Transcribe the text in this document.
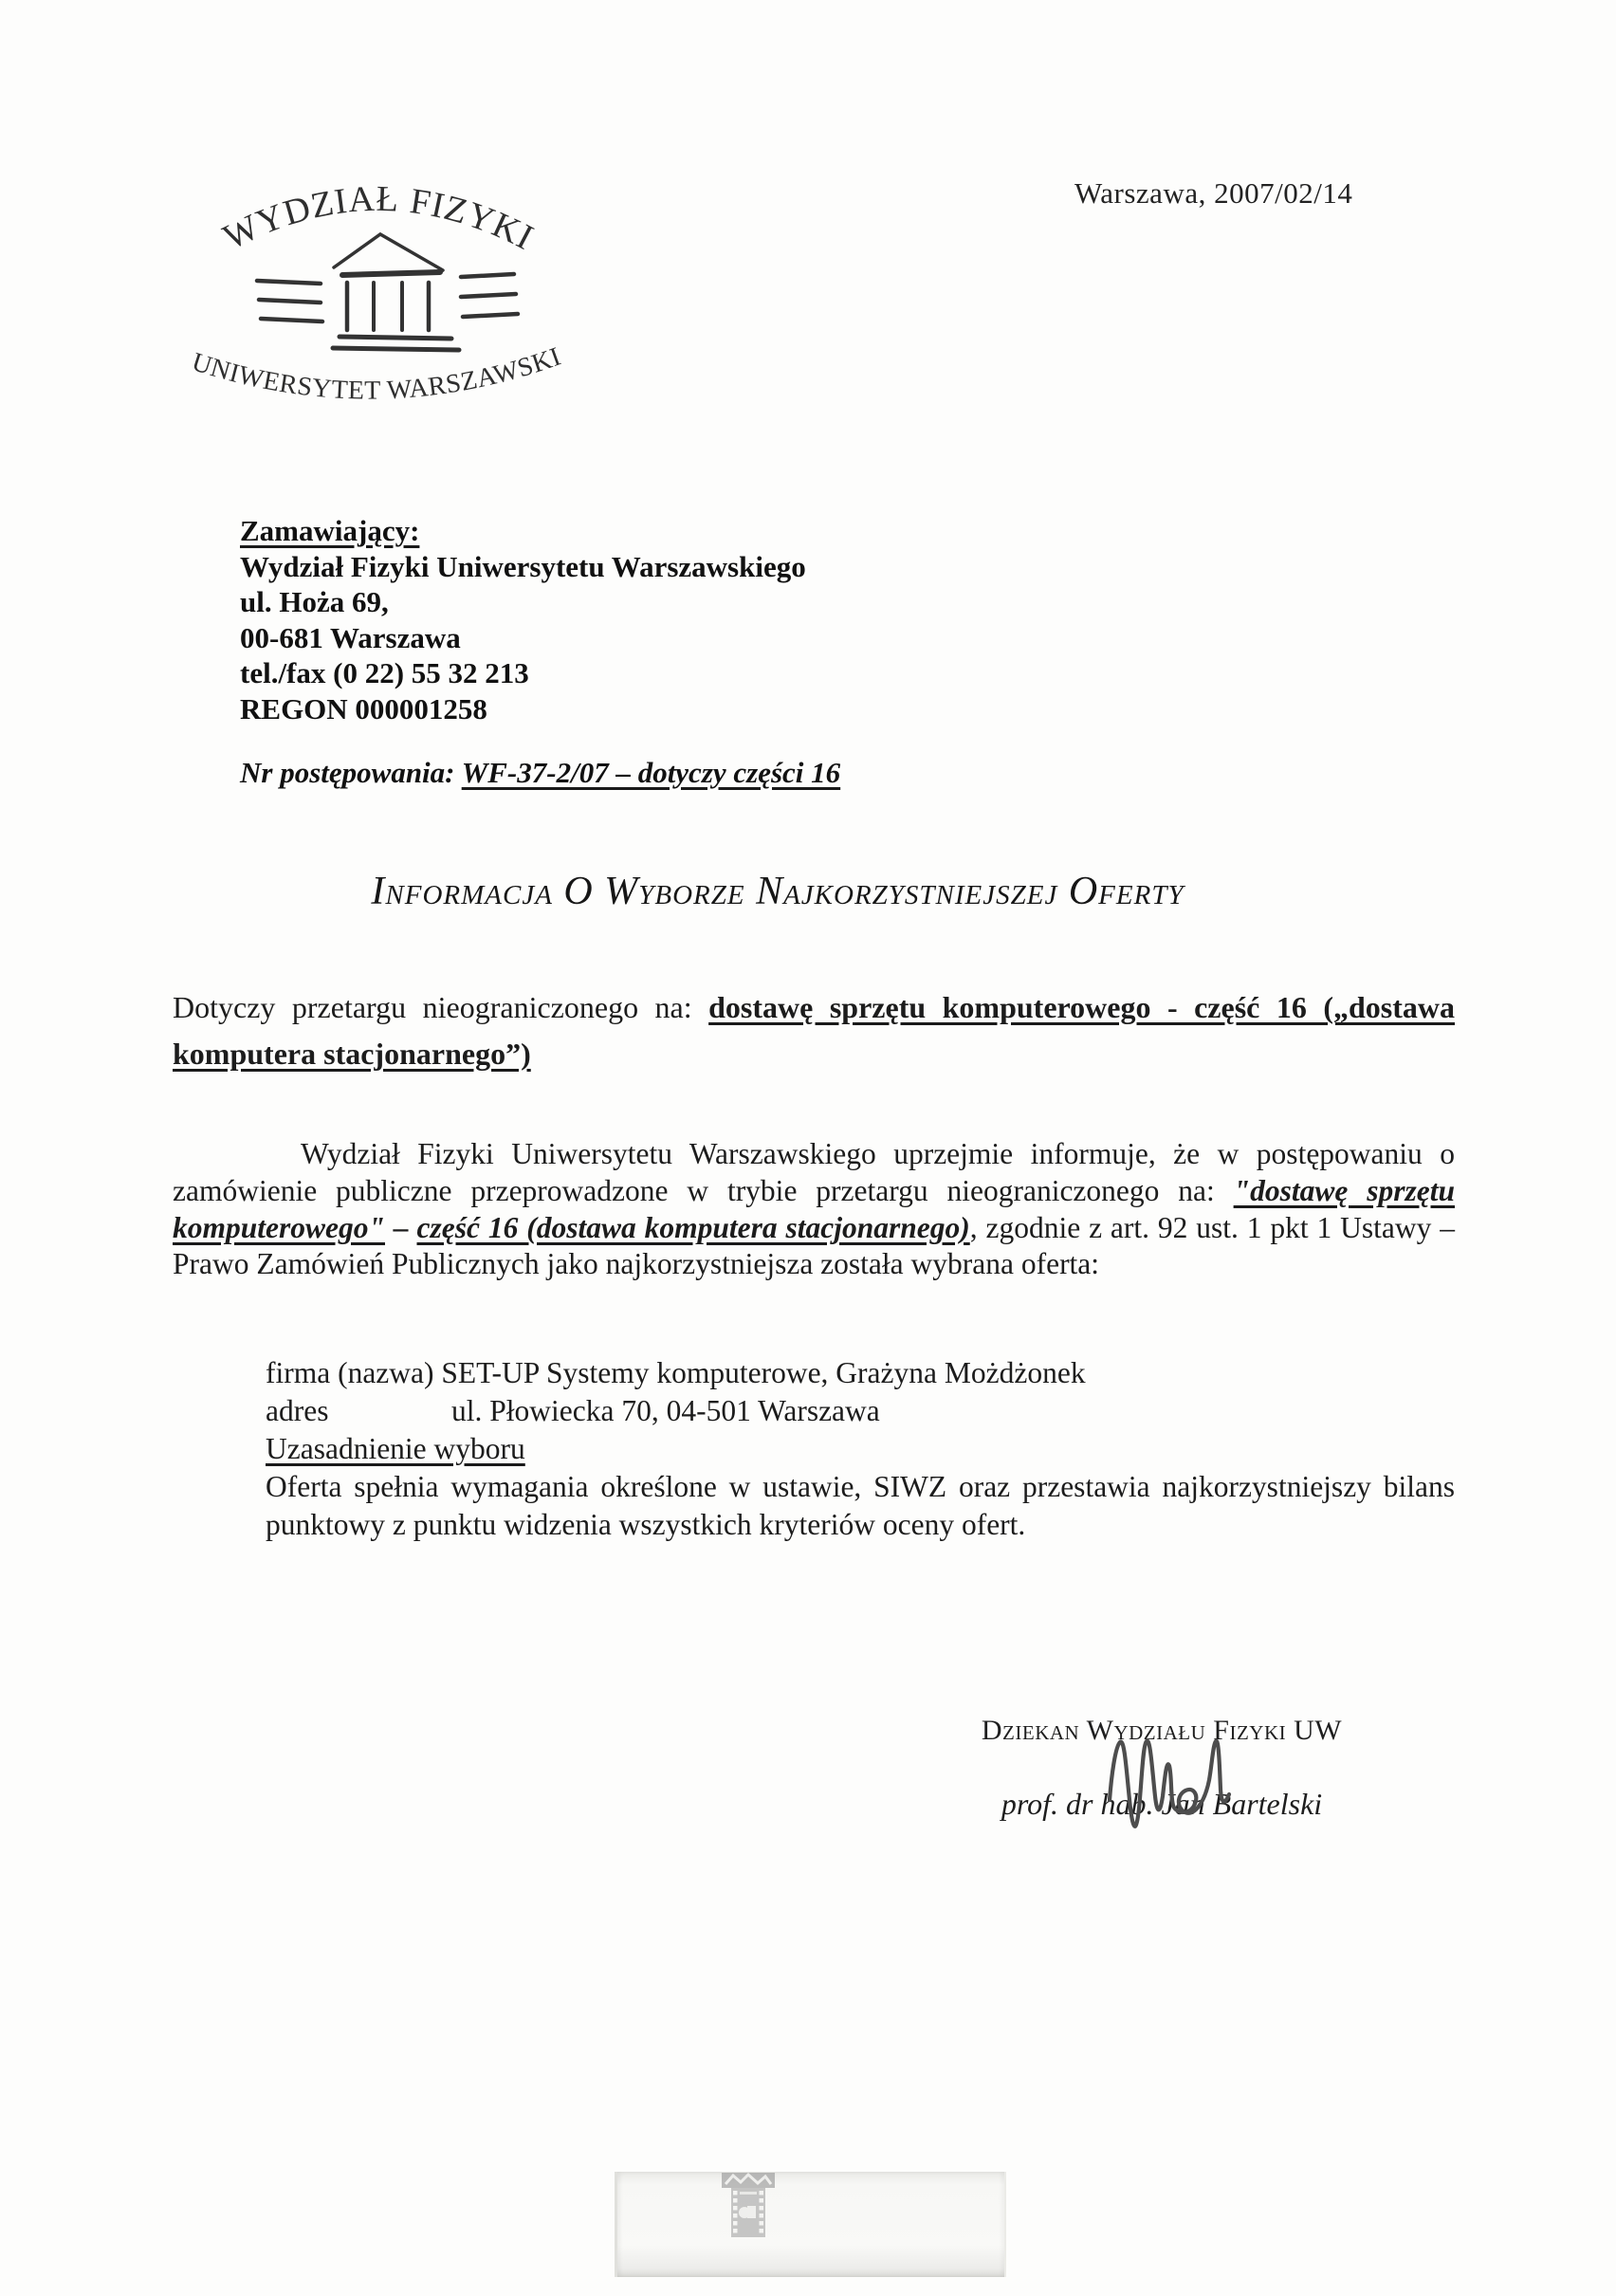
Warszawa, 2007/02/14
WYDZIAŁ FIZYKI
UNIWERSYTET WARSZAWSKI
Zamawiający:
Wydział Fizyki Uniwersytetu Warszawskiego
ul. Hoża 69,
00-681 Warszawa
tel./fax (0 22) 55 32 213
REGON 000001258
Nr postępowania: WF-37-2/07 – dotyczy części 16
Informacja O Wyborze Najkorzystniejszej Oferty
Dotyczy przetargu nieograniczonego na: dostawę sprzętu komputerowego - część 16 („dostawa komputera stacjonarnego”)
Wydział Fizyki Uniwersytetu Warszawskiego uprzejmie informuje, że w postępowaniu o zamówienie publiczne przeprowadzone w trybie przetargu nieograniczonego na: "dostawę sprzętu komputerowego" – część 16 (dostawa komputera stacjonarnego), zgodnie z art. 92 ust. 1 pkt 1 Ustawy – Prawo Zamówień Publicznych jako najkorzystniejsza została wybrana oferta:
firma (nazwa) SET-UP Systemy komputerowe, Grażyna Możdżonek
adres	ul. Płowiecka 70, 04-501 Warszawa
Uzasadnienie wyboru
Oferta spełnia wymagania określone w ustawie, SIWZ oraz przestawia najkorzystniejszy bilans punktowy z punktu widzenia wszystkich kryteriów oceny ofert.
Dziekan Wydziału Fizyki UW
prof. dr hab. Jan Bartelski
